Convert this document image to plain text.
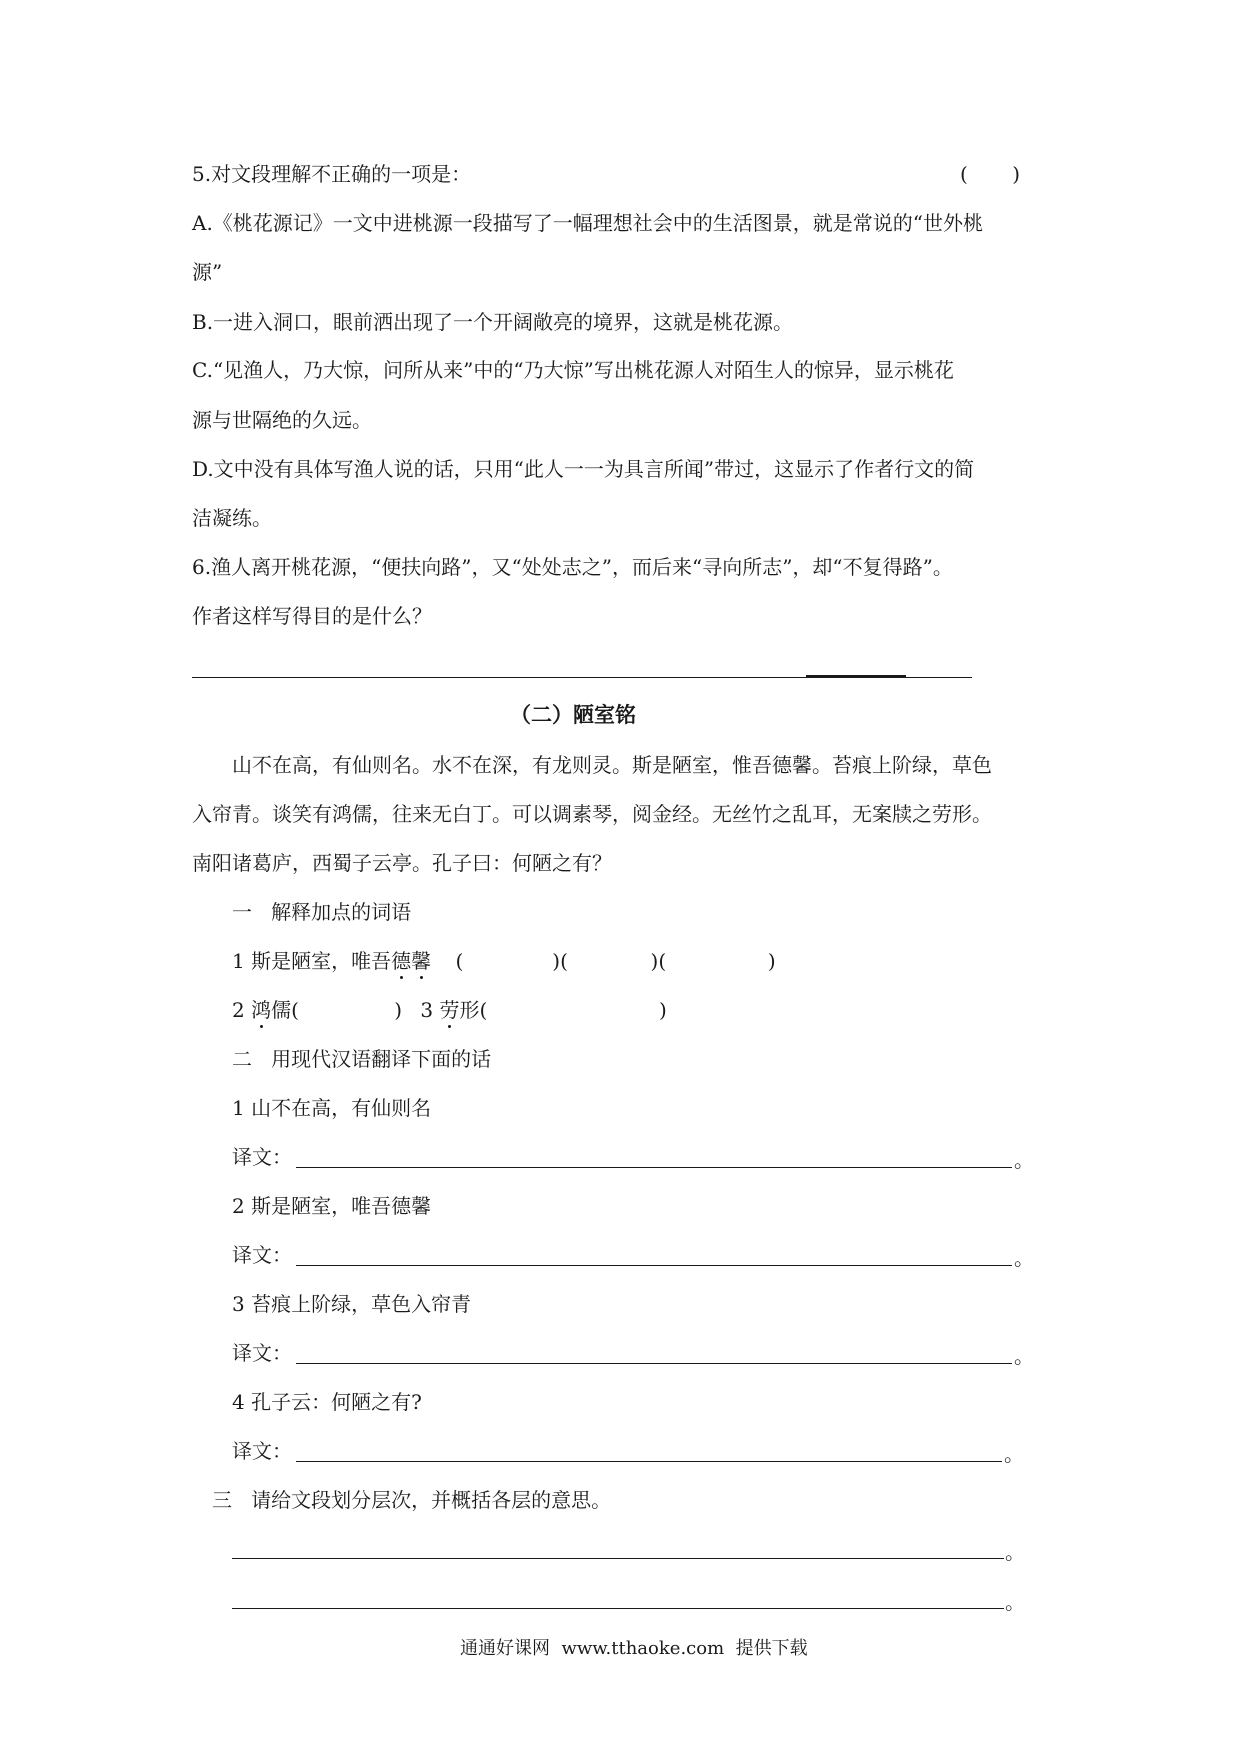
5.对文段理解不正确的一项是：	(       )
A.《桃花源记》一文中进桃源一段描写了一幅理想社会中的生活图景，就是常说的“世外桃
源”
B.一进入洞口，眼前洒出现了一个开阔敞亮的境界，这就是桃花源。
C.“见渔人，乃大惊，问所从来”中的“乃大惊”写出桃花源人对陌生人的惊异，显示桃花
源与世隔绝的久远。
D.文中没有具体写渔人说的话，只用“此人一一为具言所闻”带过，这显示了作者行文的简
洁凝练。
6.渔人离开桃花源，“便扶向路”，又“处处志之”，而后来“寻向所志”，却“不复得路”。
作者这样写得目的是什么？
（二）陋室铭
山不在高，有仙则名。水不在深，有龙则灵。斯是陋室，惟吾德馨。苔痕上阶绿，草色
入帘青。谈笑有鸿儒，往来无白丁。可以调素琴，阅金经。无丝竹之乱耳，无案牍之劳形。
南阳诸葛庐，西蜀子云亭。孔子曰：何陋之有？
一   解释加点的词语
1 斯是陋室，唯吾德馨 (              )(             )(                )
2 鸿儒(               ) 3 劳形(                           )
二   用现代汉语翻译下面的话
1 山不在高，有仙则名
译文：	。
2 斯是陋室，唯吾德馨
译文：	。
3 苔痕上阶绿，草色入帘青
译文：	。
4 孔子云：何陋之有?
译文：	。
三   请给文段划分层次，并概括各层的意思。
。
。
通通好课网  www.tthaoke.com  提供下载
